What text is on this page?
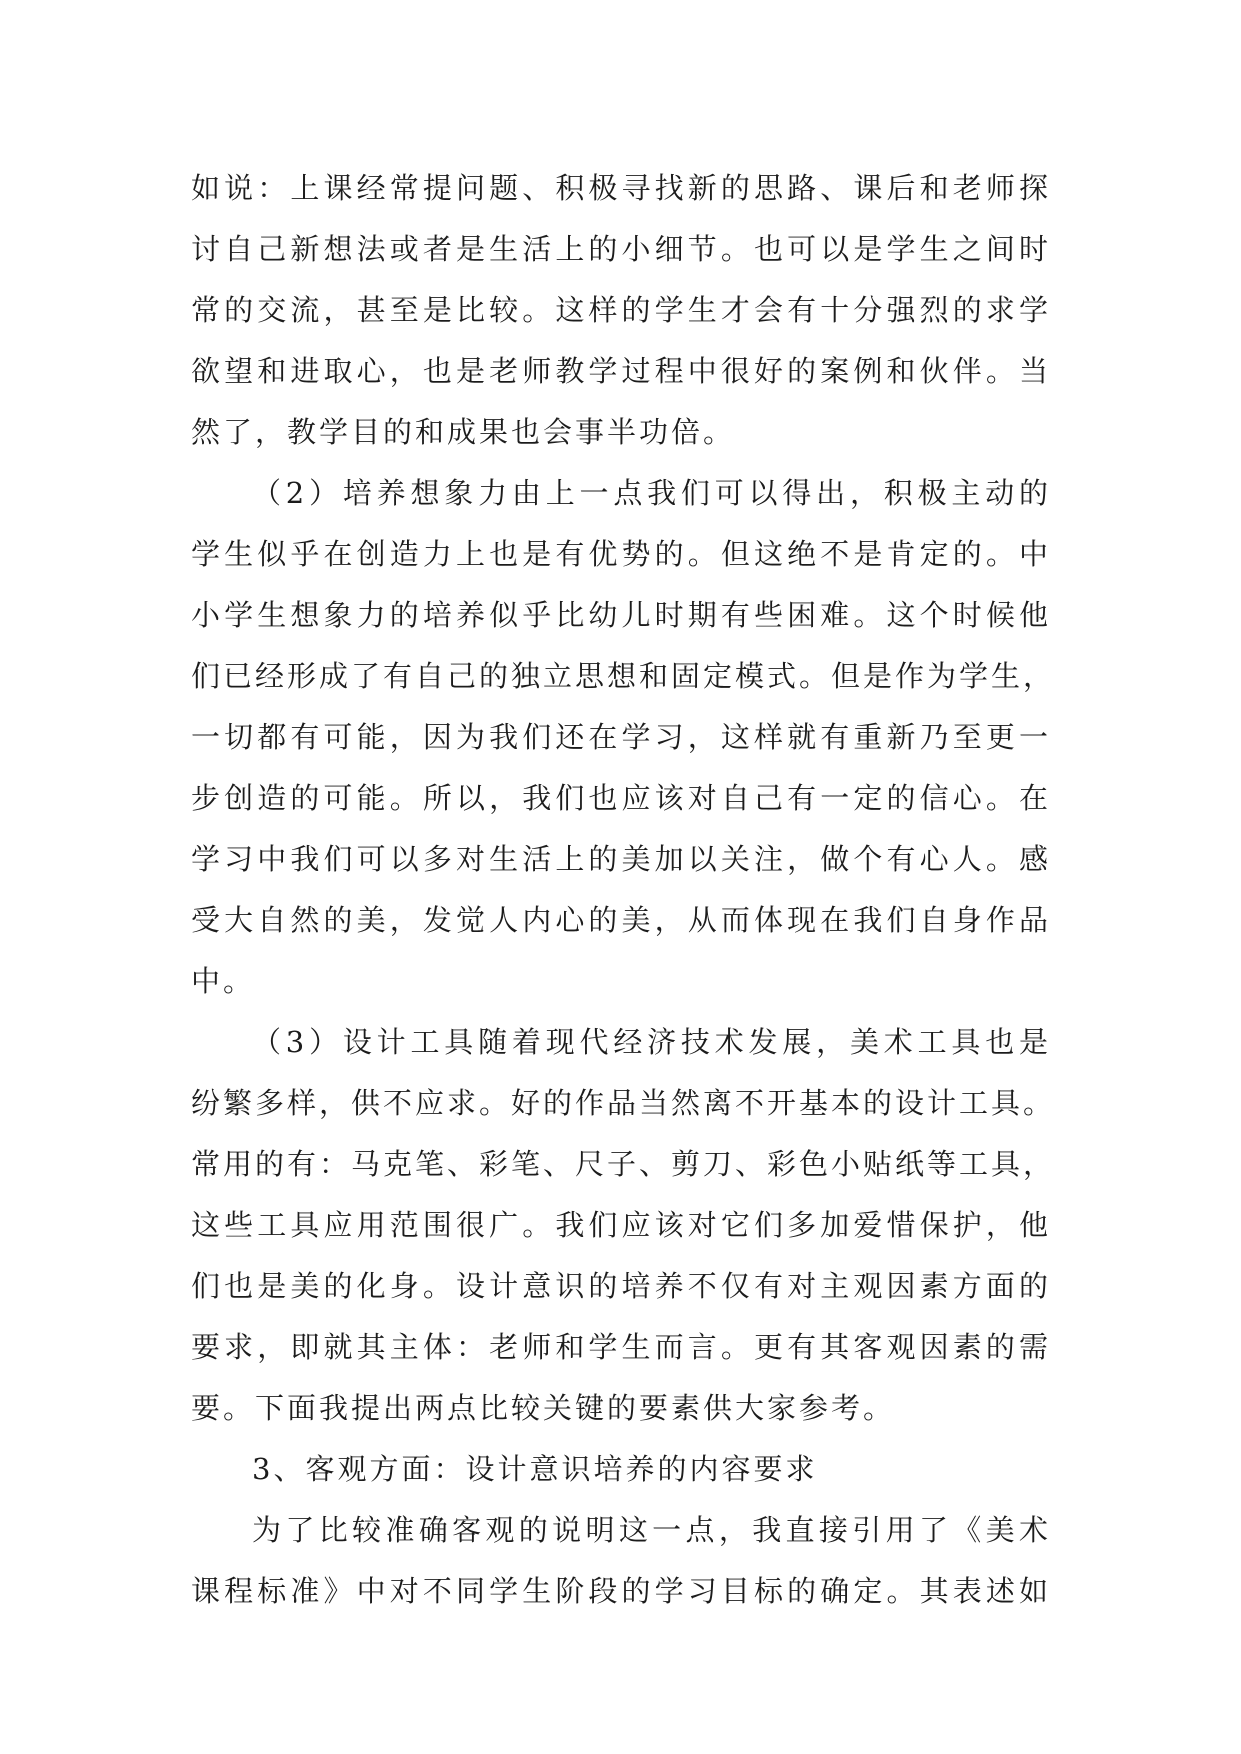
如说：上课经常提问题、积极寻找新的思路、课后和老师探
讨自己新想法或者是生活上的小细节。也可以是学生之间时
常的交流，甚至是比较。这样的学生才会有十分强烈的求学
欲望和进取心，也是老师教学过程中很好的案例和伙伴。当
然了，教学目的和成果也会事半功倍。
（2）培养想象力由上一点我们可以得出，积极主动的
学生似乎在创造力上也是有优势的。但这绝不是肯定的。中
小学生想象力的培养似乎比幼儿时期有些困难。这个时候他
们已经形成了有自己的独立思想和固定模式。但是作为学生，
一切都有可能，因为我们还在学习，这样就有重新乃至更一
步创造的可能。所以，我们也应该对自己有一定的信心。在
学习中我们可以多对生活上的美加以关注，做个有心人。感
受大自然的美，发觉人内心的美，从而体现在我们自身作品
中。
（3）设计工具随着现代经济技术发展，美术工具也是
纷繁多样，供不应求。好的作品当然离不开基本的设计工具。
常用的有：马克笔、彩笔、尺子、剪刀、彩色小贴纸等工具，
这些工具应用范围很广。我们应该对它们多加爱惜保护，他
们也是美的化身。设计意识的培养不仅有对主观因素方面的
要求，即就其主体：老师和学生而言。更有其客观因素的需
要。下面我提出两点比较关键的要素供大家参考。
3、客观方面：设计意识培养的内容要求
为了比较准确客观的说明这一点，我直接引用了《美术
课程标准》中对不同学生阶段的学习目标的确定。其表述如
